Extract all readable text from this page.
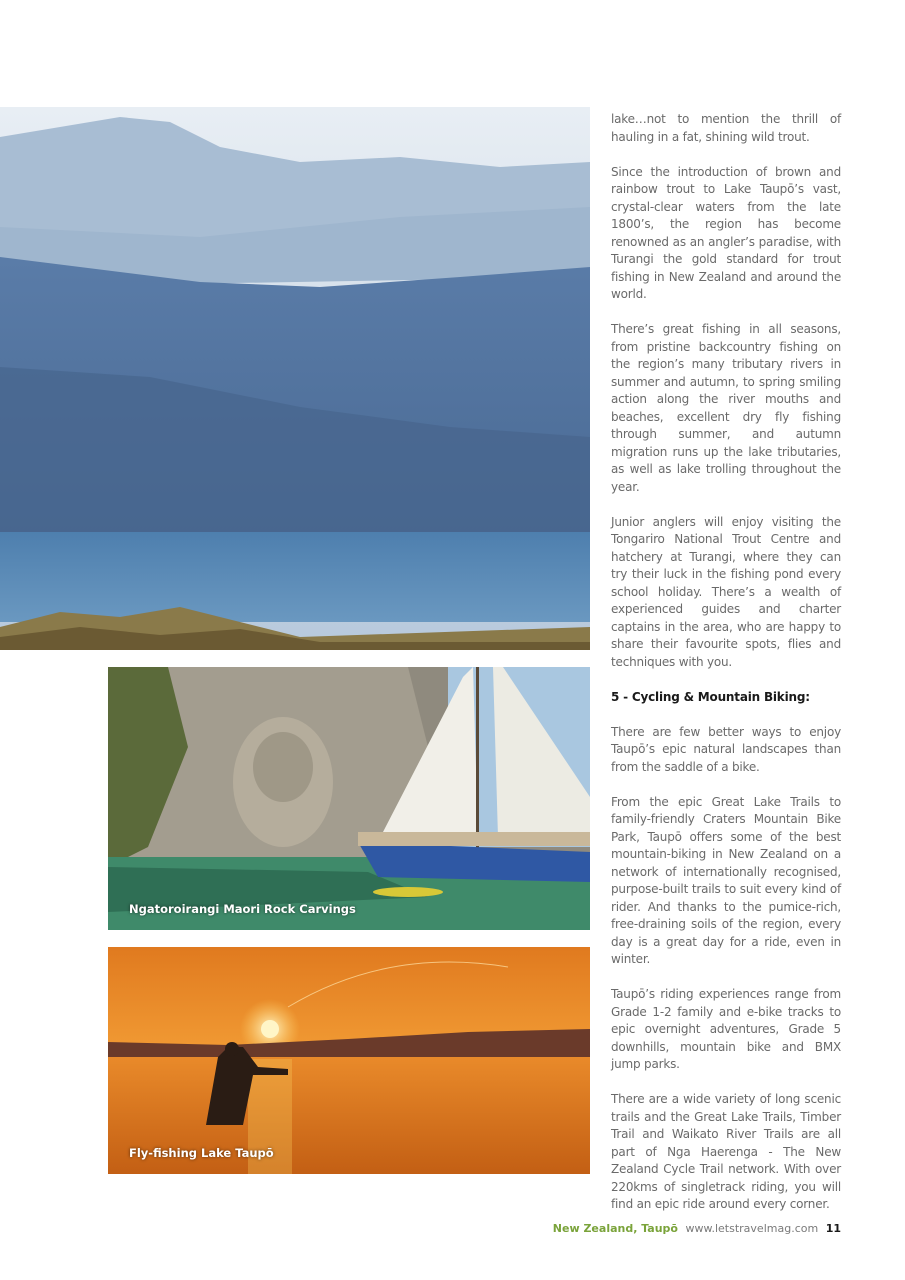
Ngatoroirangi Maori Rock Carvings
Fly-fishing Lake Taupō

lake…not to mention the thrill of hauling in a fat, shining wild trout.

Since the introduction of brown and rainbow trout to Lake Taupō’s vast, crystal-clear waters from the late 1800’s, the region has become renowned as an angler’s paradise, with Turangi the gold standard for trout fishing in New Zealand and around the world.

There’s great fishing in all seasons, from pristine backcountry fishing on the region’s many tributary rivers in summer and autumn, to spring smiling action along the river mouths and beaches, excellent dry fly fishing through summer, and autumn migration runs up the lake tributaries, as well as lake trolling throughout the year.

Junior anglers will enjoy visiting the Tongariro National Trout Centre and hatchery at Turangi, where they can try their luck in the fishing pond every school holiday. There’s a wealth of experienced guides and charter captains in the area, who are happy to share their favourite spots, flies and techniques with you.

5 - Cycling & Mountain Biking:

There are few better ways to enjoy Taupō’s epic natural landscapes than from the saddle of a bike.

From the epic Great Lake Trails to family-friendly Craters Mountain Bike Park, Taupō offers some of the best mountain-biking in New Zealand on a network of internationally recognised, purpose-built trails to suit every kind of rider. And thanks to the pumice-rich, free-draining soils of the region, every day is a great day for a ride, even in winter.

Taupō’s riding experiences range from Grade 1-2 family and e-bike tracks to epic overnight adventures, Grade 5 downhills, mountain bike and BMX jump parks.

There are a wide variety of long scenic trails and the Great Lake Trails, Timber Trail and Waikato River Trails are all part of Nga Haerenga - The New Zealand Cycle Trail network. With over 220kms of singletrack riding, you will find an epic ride around every corner.

New Zealand, Taupō www.letstravelmag.com 11
